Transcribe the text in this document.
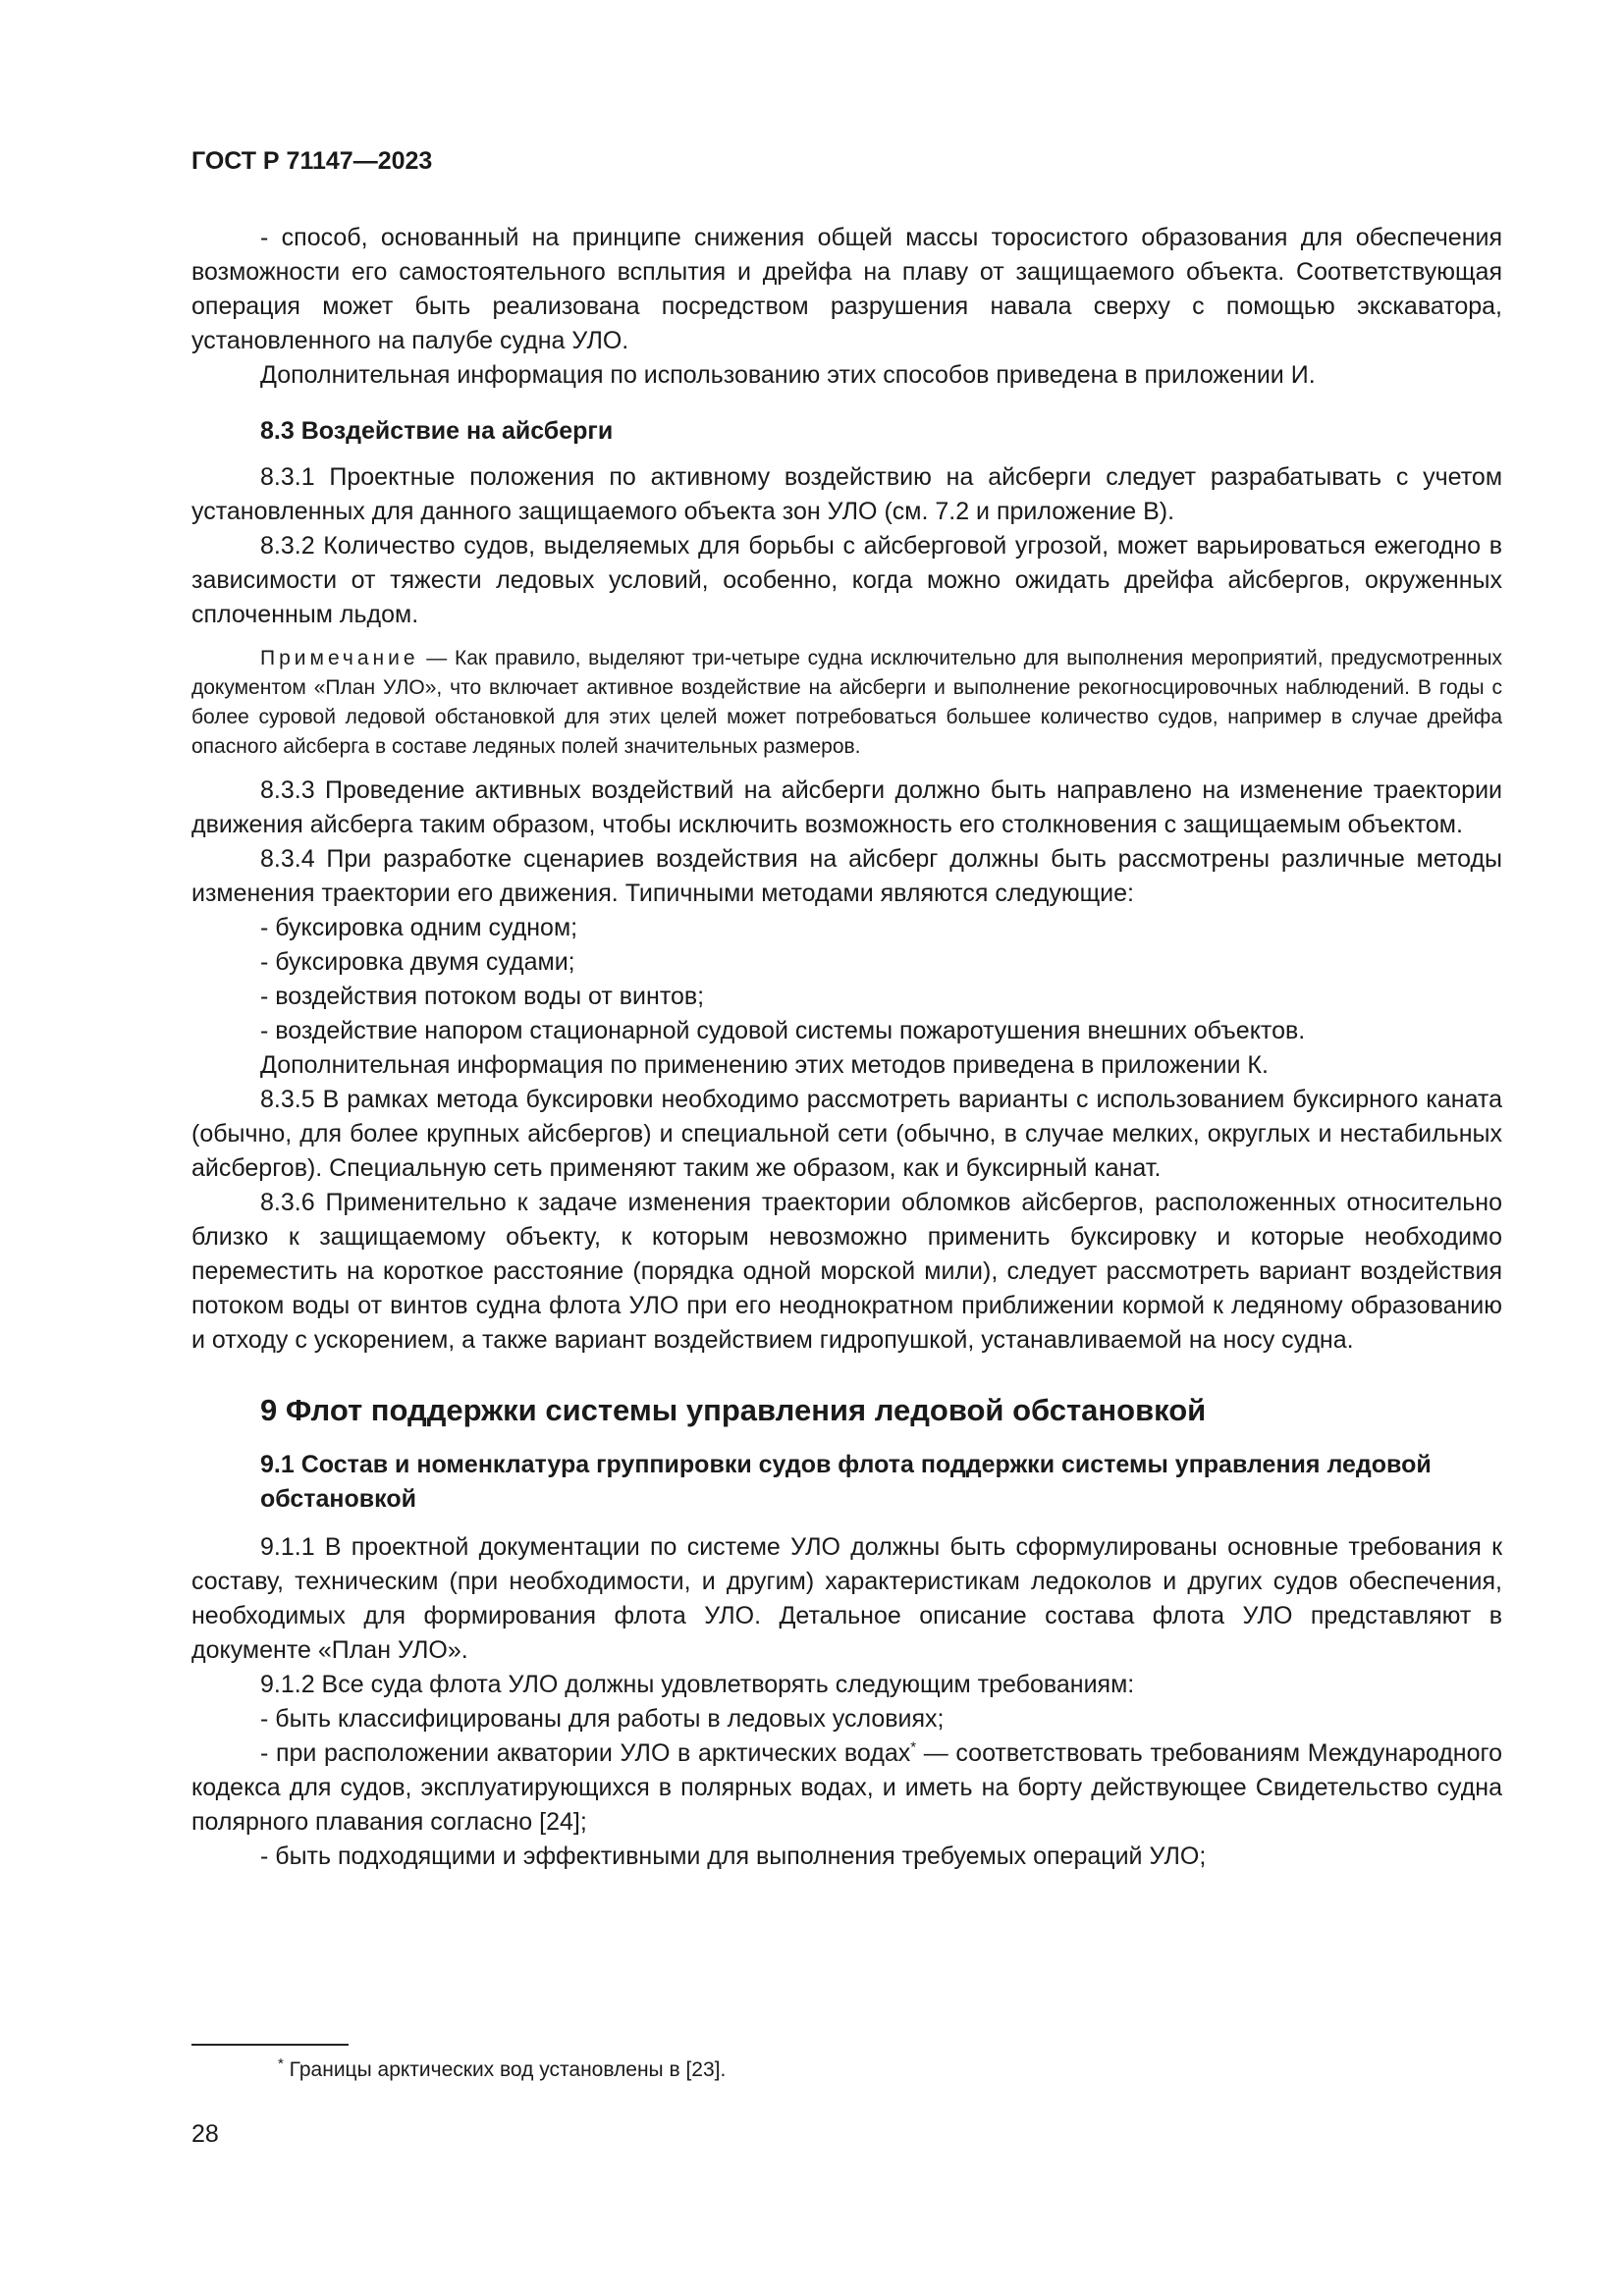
ГОСТ Р 71147—2023

- способ, основанный на принципе снижения общей массы торосистого образования для обеспечения возможности его самостоятельного всплытия и дрейфа на плаву от защищаемого объекта. Соответствующая операция может быть реализована посредством разрушения навала сверху с помощью экскаватора, установленного на палубе судна УЛО.

Дополнительная информация по использованию этих способов приведена в приложении И.

8.3 Воздействие на айсберги

8.3.1 Проектные положения по активному воздействию на айсберги следует разрабатывать с учетом установленных для данного защищаемого объекта зон УЛО (см. 7.2 и приложение В).

8.3.2 Количество судов, выделяемых для борьбы с айсберговой угрозой, может варьироваться ежегодно в зависимости от тяжести ледовых условий, особенно, когда можно ожидать дрейфа айсбергов, окруженных сплоченным льдом.

Примечание — Как правило, выделяют три-четыре судна исключительно для выполнения мероприятий, предусмотренных документом «План УЛО», что включает активное воздействие на айсберги и выполнение рекогносцировочных наблюдений. В годы с более суровой ледовой обстановкой для этих целей может потребоваться большее количество судов, например в случае дрейфа опасного айсберга в составе ледяных полей значительных размеров.

8.3.3 Проведение активных воздействий на айсберги должно быть направлено на изменение траектории движения айсберга таким образом, чтобы исключить возможность его столкновения с защищаемым объектом.

8.3.4 При разработке сценариев воздействия на айсберг должны быть рассмотрены различные методы изменения траектории его движения. Типичными методами являются следующие:

- буксировка одним судном;

- буксировка двумя судами;

- воздействия потоком воды от винтов;

- воздействие напором стационарной судовой системы пожаротушения внешних объектов.

Дополнительная информация по применению этих методов приведена в приложении К.

8.3.5 В рамках метода буксировки необходимо рассмотреть варианты с использованием буксирного каната (обычно, для более крупных айсбергов) и специальной сети (обычно, в случае мелких, округлых и нестабильных айсбергов). Специальную сеть применяют таким же образом, как и буксирный канат.

8.3.6 Применительно к задаче изменения траектории обломков айсбергов, расположенных относительно близко к защищаемому объекту, к которым невозможно применить буксировку и которые необходимо переместить на короткое расстояние (порядка одной морской мили), следует рассмотреть вариант воздействия потоком воды от винтов судна флота УЛО при его неоднократном приближении кормой к ледяному образованию и отходу с ускорением, а также вариант воздействием гидропушкой, устанавливаемой на носу судна.

9 Флот поддержки системы управления ледовой обстановкой

9.1 Состав и номенклатура группировки судов флота поддержки системы управления ледовой обстановкой

9.1.1 В проектной документации по системе УЛО должны быть сформулированы основные требования к составу, техническим (при необходимости, и другим) характеристикам ледоколов и других судов обеспечения, необходимых для формирования флота УЛО. Детальное описание состава флота УЛО представляют в документе «План УЛО».

9.1.2 Все суда флота УЛО должны удовлетворять следующим требованиям:

- быть классифицированы для работы в ледовых условиях;

- при расположении акватории УЛО в арктических водах* — соответствовать требованиям Международного кодекса для судов, эксплуатирующихся в полярных водах, и иметь на борту действующее Свидетельство судна полярного плавания согласно [24];

- быть подходящими и эффективными для выполнения требуемых операций УЛО;

* Границы арктических вод установлены в [23].
28
